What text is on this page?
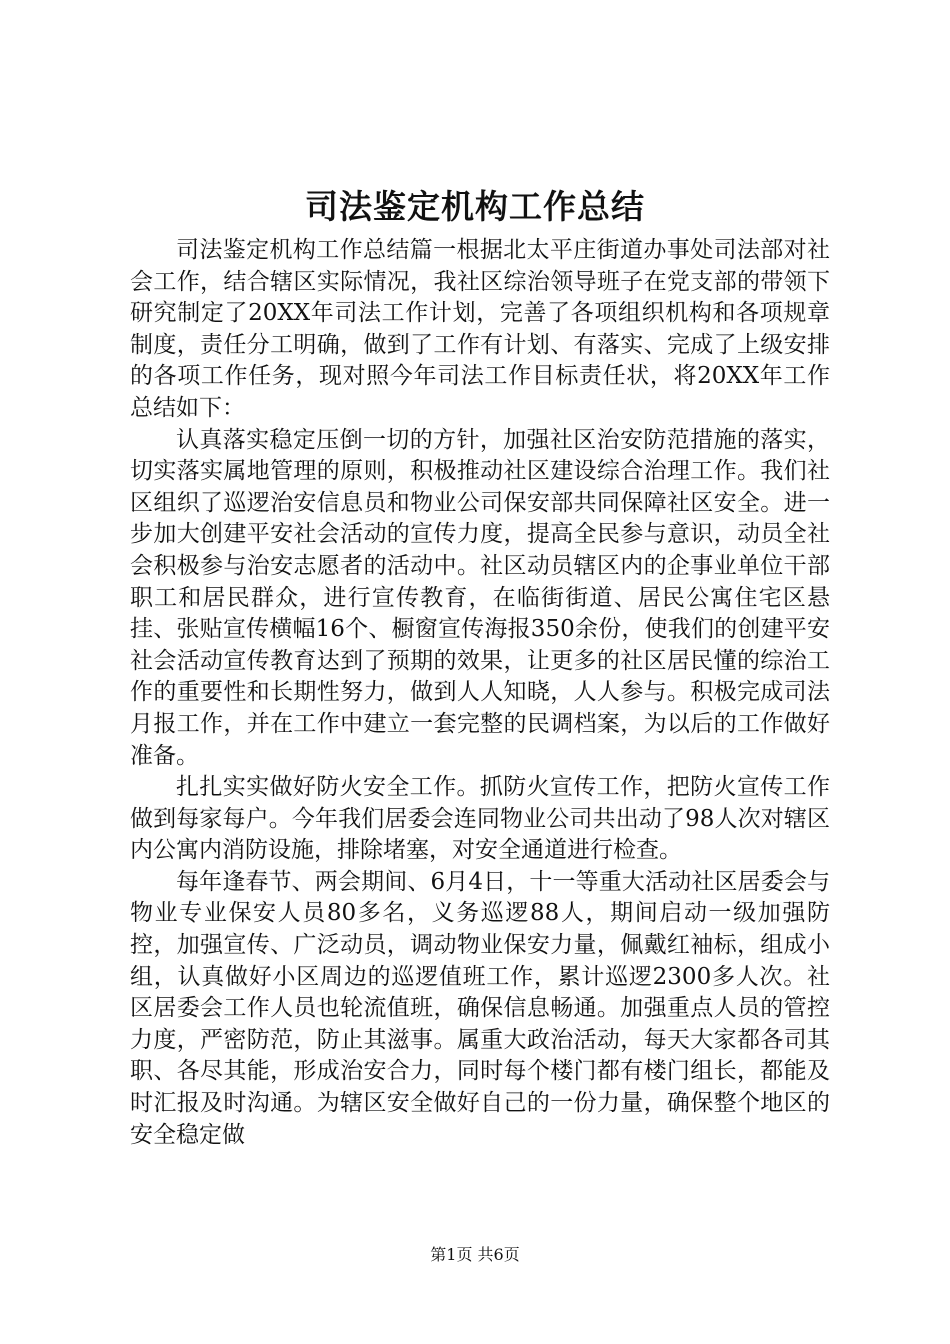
司法鉴定机构工作总结

司法鉴定机构工作总结篇一根据北太平庄街道办事处司法部对社会工作，结合辖区实际情况，我社区综治领导班子在党支部的带领下研究制定了20XX年司法工作计划，完善了各项组织机构和各项规章制度，责任分工明确，做到了工作有计划、有落实、完成了上级安排的各项工作任务，现对照今年司法工作目标责任状，将20XX年工作总结如下：

认真落实稳定压倒一切的方针，加强社区治安防范措施的落实，切实落实属地管理的原则，积极推动社区建设综合治理工作。我们社区组织了巡逻治安信息员和物业公司保安部共同保障社区安全。进一步加大创建平安社会活动的宣传力度，提高全民参与意识，动员全社会积极参与治安志愿者的活动中。社区动员辖区内的企事业单位干部职工和居民群众，进行宣传教育，在临街街道、居民公寓住宅区悬挂、张贴宣传横幅16个、橱窗宣传海报350余份，使我们的创建平安社会活动宣传教育达到了预期的效果，让更多的社区居民懂的综治工作的重要性和长期性努力，做到人人知晓，人人参与。积极完成司法月报工作，并在工作中建立一套完整的民调档案，为以后的工作做好准备。

扎扎实实做好防火安全工作。抓防火宣传工作，把防火宣传工作做到每家每户。今年我们居委会连同物业公司共出动了98人次对辖区内公寓内消防设施，排除堵塞，对安全通道进行检查。

每年逢春节、两会期间、6月4日，十一等重大活动社区居委会与物业专业保安人员80多名，义务巡逻88人，期间启动一级加强防控，加强宣传、广泛动员，调动物业保安力量，佩戴红袖标，组成小组，认真做好小区周边的巡逻值班工作，累计巡逻2300多人次。社区居委会工作人员也轮流值班，确保信息畅通。加强重点人员的管控力度，严密防范，防止其滋事。属重大政治活动，每天大家都各司其职、各尽其能，形成治安合力，同时每个楼门都有楼门组长，都能及时汇报及时沟通。为辖区安全做好自己的一份力量，确保整个地区的安全稳定做

第1页 共6页
